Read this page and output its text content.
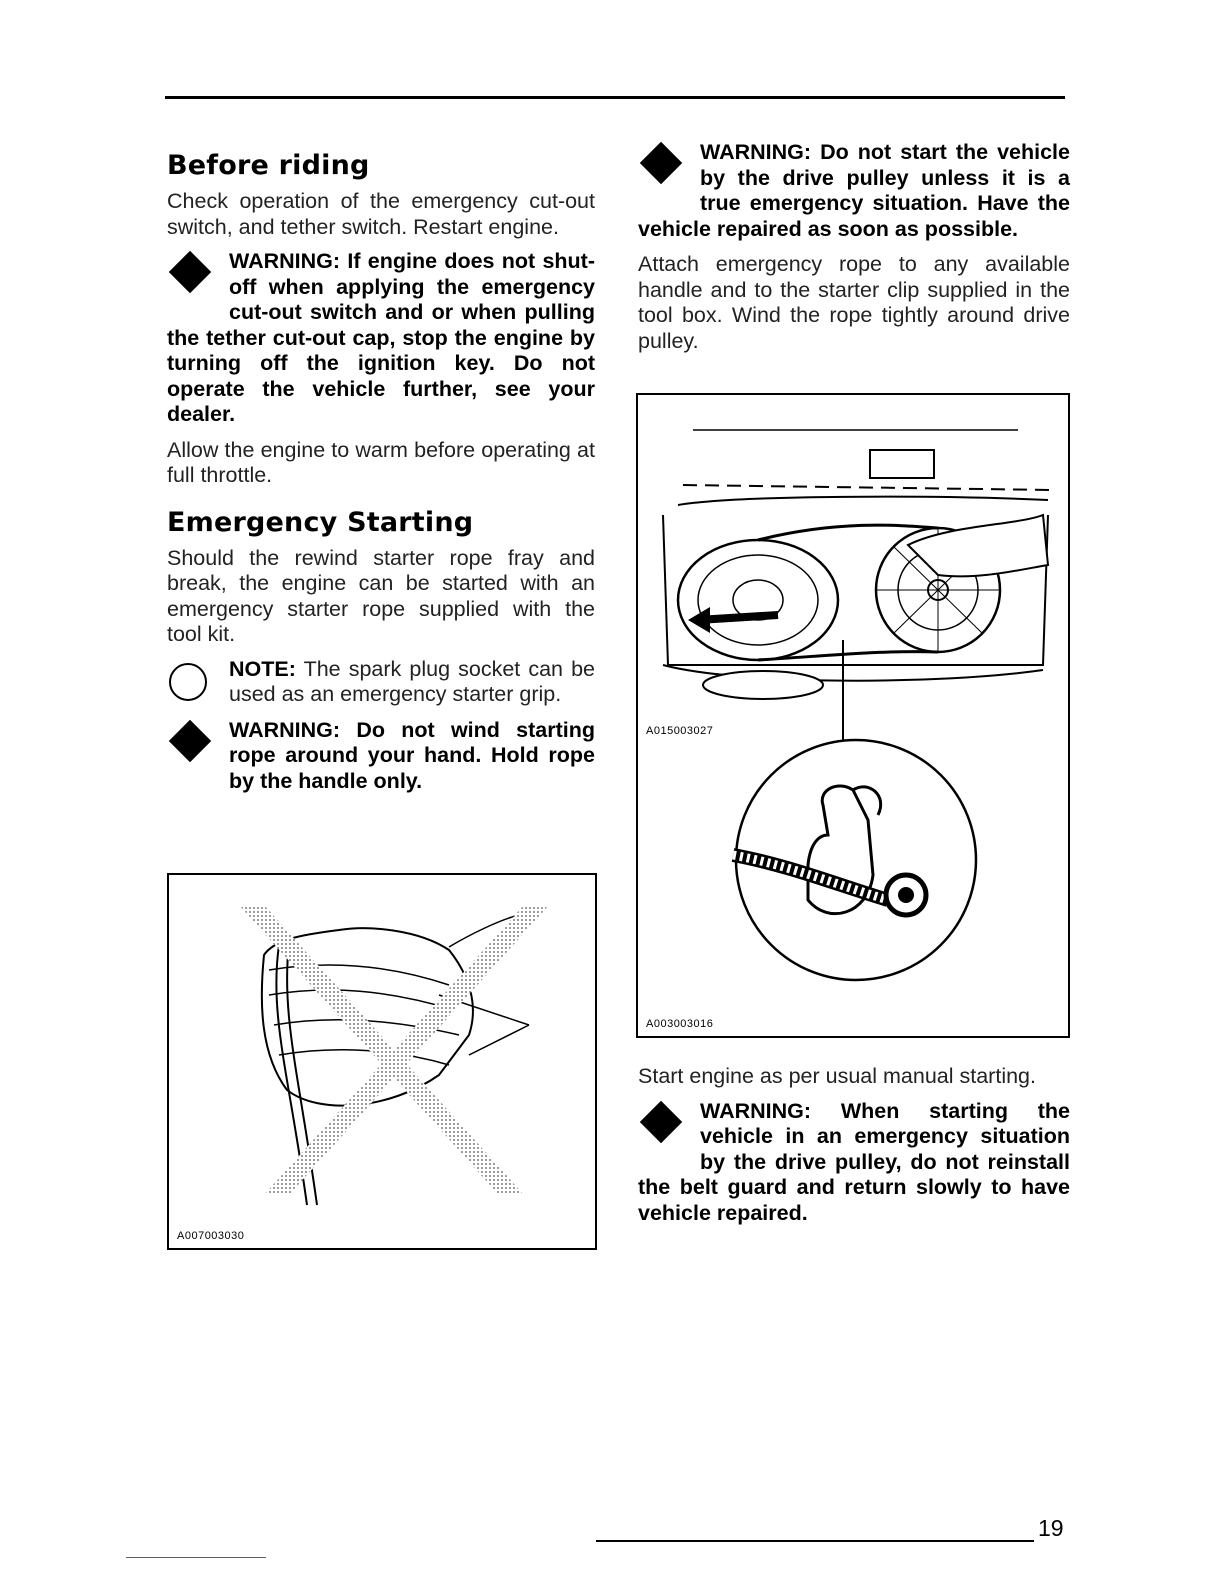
Before riding

Check operation of the emergency cut-out switch, and tether switch. Restart engine.

WARNING: If engine does not shut-off when applying the emergency cut-out switch and or when pulling the tether cut-out cap, stop the engine by turning off the ignition key. Do not operate the vehicle further, see your dealer.

Allow the engine to warm before operating at full throttle.

Emergency Starting

Should the rewind starter rope fray and break, the engine can be started with an emergency starter rope supplied with the tool kit.

NOTE: The spark plug socket can be used as an emergency starter grip.
WARNING: Do not wind starting rope around your hand. Hold rope by the handle only.
A007003030
WARNING: Do not start the vehicle by the drive pulley unless it is a true emergency situation. Have the vehicle repaired as soon as possible.

Attach emergency rope to any available handle and to the starter clip supplied in the tool box. Wind the rope tightly around drive pulley.

A015003027
A003003016

Start engine as per usual manual starting.

WARNING: When starting the vehicle in an emergency situation by the drive pulley, do not reinstall the belt guard and return slowly to have vehicle repaired.
19
